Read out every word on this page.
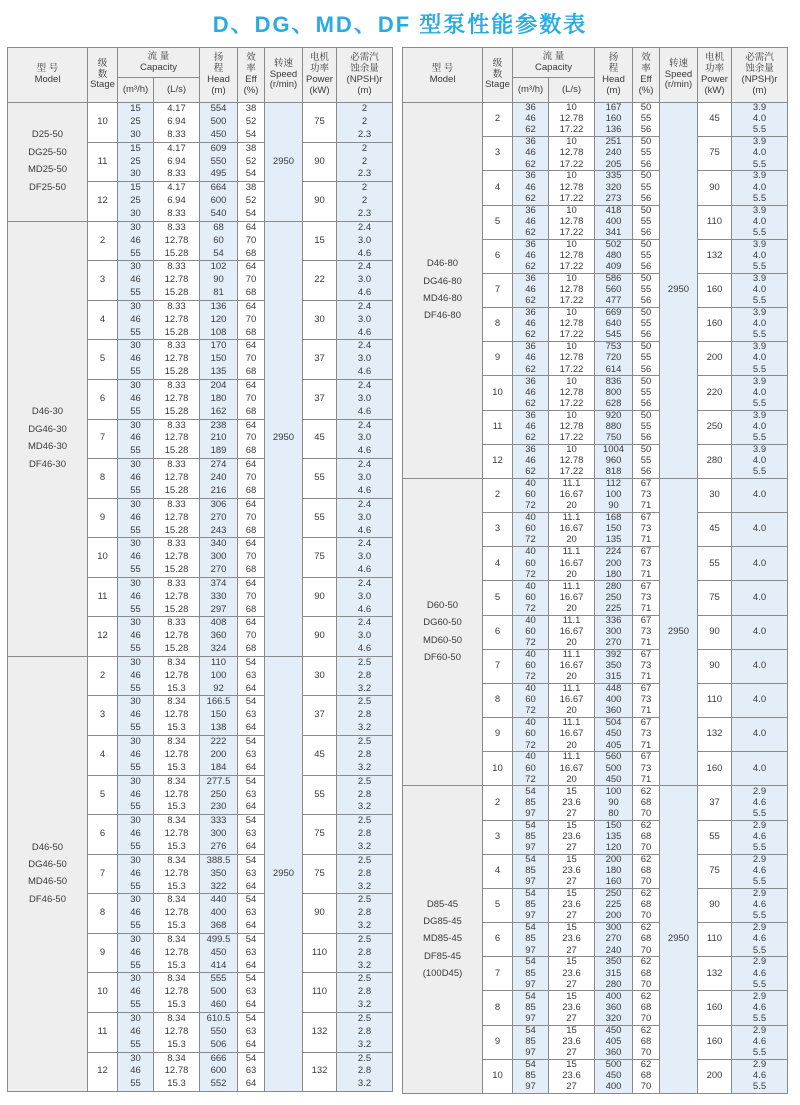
D、DG、MD、DF 型泵性能参数表
型 号
Model

级
数
Stage

流 量
Capacity

扬
程
Head
(m)

效
率
Eff
(%)

转速
Speed
(r/min)

电机
功率
Power
(kW)

必需汽
蚀余量
(NPSH)r
(m)

		(m³/h)	(L/s)					

D25-50
DG25-50
MD25-50
DF25-50	10	15	4.17	554	38	2950	75	2
		25	6.94	500	52			2
		30	8.33	450	54			2.3
	11	15	4.17	609	38		90	2
		25	6.94	550	52			2
		30	8.33	495	54			2.3
	12	15	4.17	664	38		90	2
		25	6.94	600	52			2
		30	8.33	540	54			2.3

D46-30
DG46-30
MD46-30
DF46-30	2	30	8.33	68	64	2950	15	2.4
		46	12.78	60	70			3.0
		55	15.28	54	68			4.6
	3	30	8.33	102	64		22	2.4
		46	12.78	90	70			3.0
		55	15.28	81	68			4.6
	4	30	8.33	136	64		30	2.4
		46	12.78	120	70			3.0
		55	15.28	108	68			4.6
	5	30	8.33	170	64		37	2.4
		46	12.78	150	70			3.0
		55	15.28	135	68			4.6
	6	30	8.33	204	64		37	2.4
		46	12.78	180	70			3.0
		55	15.28	162	68			4.6
	7	30	8.33	238	64		45	2.4
		46	12.78	210	70			3.0
		55	15.28	189	68			4.6
	8	30	8.33	274	64		55	2.4
		46	12.78	240	70			3.0
		55	15.28	216	68			4.6
	9	30	8.33	306	64		55	2.4
		46	12.78	270	70			3.0
		55	15.28	243	68			4.6
	10	30	8.33	340	64		75	2.4
		46	12.78	300	70			3.0
		55	15.28	270	68			4.6
	11	30	8.33	374	64		90	2.4
		46	12.78	330	70			3.0
		55	15.28	297	68			4.6
	12	30	8.33	408	64		90	2.4
		46	12.78	360	70			3.0
		55	15.28	324	68			4.6

D46-50
DG46-50
MD46-50
DF46-50	2	30	8.34	110	54	2950	30	2.5
		46	12.78	100	63			2.8
		55	15.3	92	64			3.2
	3	30	8.34	166.5	54		37	2.5
		46	12.78	150	63			2.8
		55	15.3	138	64			3.2
	4	30	8.34	222	54		45	2.5
		46	12.78	200	63			2.8
		55	15.3	184	64			3.2
	5	30	8.34	277.5	54		55	2.5
		46	12.78	250	63			2.8
		55	15.3	230	64			3.2
	6	30	8.34	333	54		75	2.5
		46	12.78	300	63			2.8
		55	15.3	276	64			3.2
	7	30	8.34	388.5	54		75	2.5
		46	12.78	350	63			2.8
		55	15.3	322	64			3.2
	8	30	8.34	440	54		90	2.5
		46	12.78	400	63			2.8
		55	15.3	368	64			3.2
	9	30	8.34	499.5	54		110	2.5
		46	12.78	450	63			2.8
		55	15.3	414	64			3.2
	10	30	8.34	555	54		110	2.5
		46	12.78	500	63			2.8
		55	15.3	460	64			3.2
	11	30	8.34	610.5	54		132	2.5
		46	12.78	550	63			2.8
		55	15.3	506	64			3.2
	12	30	8.34	666	54		132	2.5
		46	12.78	600	63			2.8
		55	15.3	552	64			3.2
型 号
Model

级
数
Stage

流 量
Capacity

扬
程
Head
(m)

效
率
Eff
(%)

转速
Speed
(r/min)

电机
功率
Power
(kW)

必需汽
蚀余量
(NPSH)r
(m)

		(m³/h)	(L/s)					

D46-80
DG46-80
MD46-80
DF46-80	2	36	10	167	50	2950	45	3.9
		46	12.78	160	55			4.0
		62	17.22	136	56			5.5
	3	36	10	251	50		75	3.9
		46	12.78	240	55			4.0
		62	17.22	205	56			5.5
	4	36	10	335	50		90	3.9
		46	12.78	320	55			4.0
		62	17.22	273	56			5.5
	5	36	10	418	50		110	3.9
		46	12.78	400	55			4.0
		62	17.22	341	56			5.5
	6	36	10	502	50		132	3.9
		46	12.78	480	55			4.0
		62	17.22	409	56			5.5
	7	36	10	586	50		160	3.9
		46	12.78	560	55			4.0
		62	17.22	477	56			5.5
	8	36	10	669	50		160	3.9
		46	12.78	640	55			4.0
		62	17.22	545	56			5.5
	9	36	10	753	50		200	3.9
		46	12.78	720	55			4.0
		62	17.22	614	56			5.5
	10	36	10	836	50		220	3.9
		46	12.78	800	55			4.0
		62	17.22	628	56			5.5
	11	36	10	920	50		250	3.9
		46	12.78	880	55			4.0
		62	17.22	750	56			5.5
	12	36	10	1004	50		280	3.9
		46	12.78	960	55			4.0
		62	17.22	818	56			5.5

D60-50
DG60-50
MD60-50
DF60-50	2	40	11.1	112	67	2950	30	4.0
		60	16.67	100	73			
		72	20	90	71			
	3	40	11.1	168	67		45	4.0
		60	16.67	150	73			
		72	20	135	71			
	4	40	11.1	224	67		55	4.0
		60	16.67	200	73			
		72	20	180	71			
	5	40	11.1	280	67		75	4.0
		60	16.67	250	73			
		72	20	225	71			
	6	40	11.1	336	67		90	4.0
		60	16.67	300	73			
		72	20	270	71			
	7	40	11.1	392	67		90	4.0
		60	16.67	350	73			
		72	20	315	71			
	8	40	11.1	448	67		110	4.0
		60	16.67	400	73			
		72	20	360	71			
	9	40	11.1	504	67		132	4.0
		60	16.67	450	73			
		72	20	405	71			
	10	40	11.1	560	67		160	4.0
		60	16.67	500	73			
		72	20	450	71			

D85-45
DG85-45
MD85-45
DF85-45
(100D45)	2	54	15	100	62	2950	37	2.9
		85	23.6	90	68			4.6
		97	27	80	70			5.5
	3	54	15	150	62		55	2.9
		85	23.6	135	68			4.6
		97	27	120	70			5.5
	4	54	15	200	62		75	2.9
		85	23.6	180	68			4.6
		97	27	160	70			5.5
	5	54	15	250	62		90	2.9
		85	23.6	225	68			4.6
		97	27	200	70			5.5
	6	54	15	300	62		110	2.9
		85	23.6	270	68			4.6
		97	27	240	70			5.5
	7	54	15	350	62		132	2.9
		85	23.6	315	68			4.6
		97	27	280	70			5.5
	8	54	15	400	62		160	2.9
		85	23.6	360	68			4.6
		97	27	320	70			5.5
	9	54	15	450	62		160	2.9
		85	23.6	405	68			4.6
		97	27	360	70			5.5
	10	54	15	500	62		200	2.9
		85	23.6	450	68			4.6
		97	27	400	70			5.5
